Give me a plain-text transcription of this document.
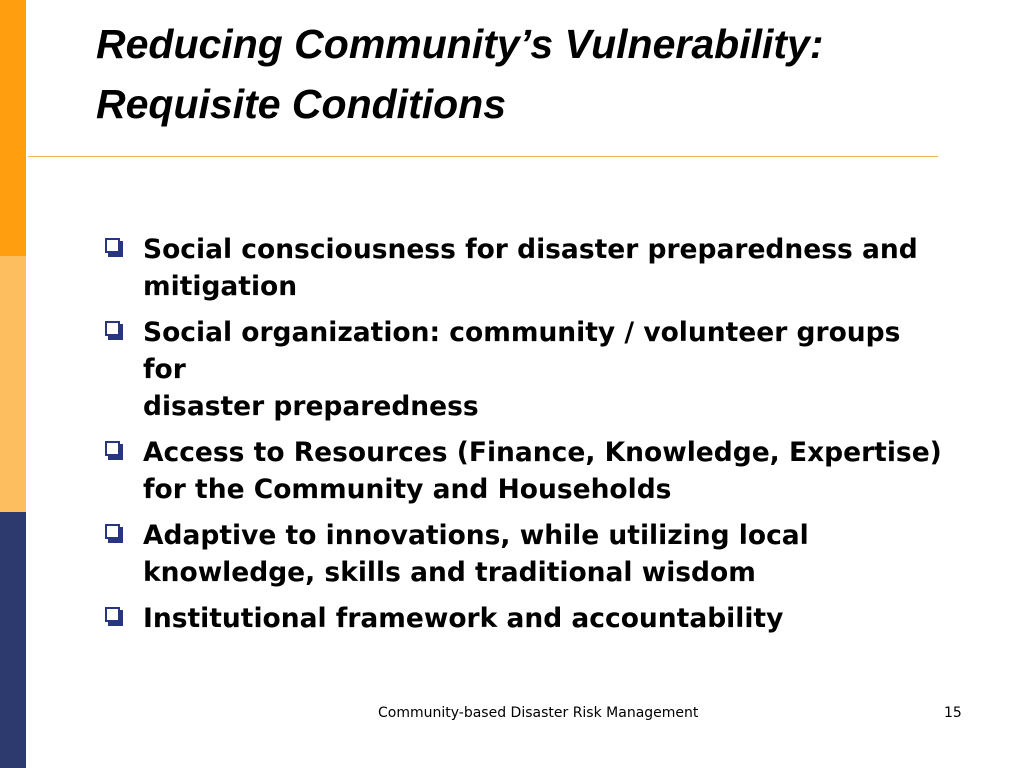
Reducing Community’s Vulnerability:
Requisite Conditions
Social consciousness for disaster preparedness and
mitigation
Social organization: community / volunteer groups for
disaster preparedness
Access to Resources (Finance, Knowledge, Expertise)
for the Community and Households
Adaptive to innovations, while utilizing local
knowledge, skills and traditional wisdom
Institutional framework and accountability
Community-based Disaster Risk Management	15
